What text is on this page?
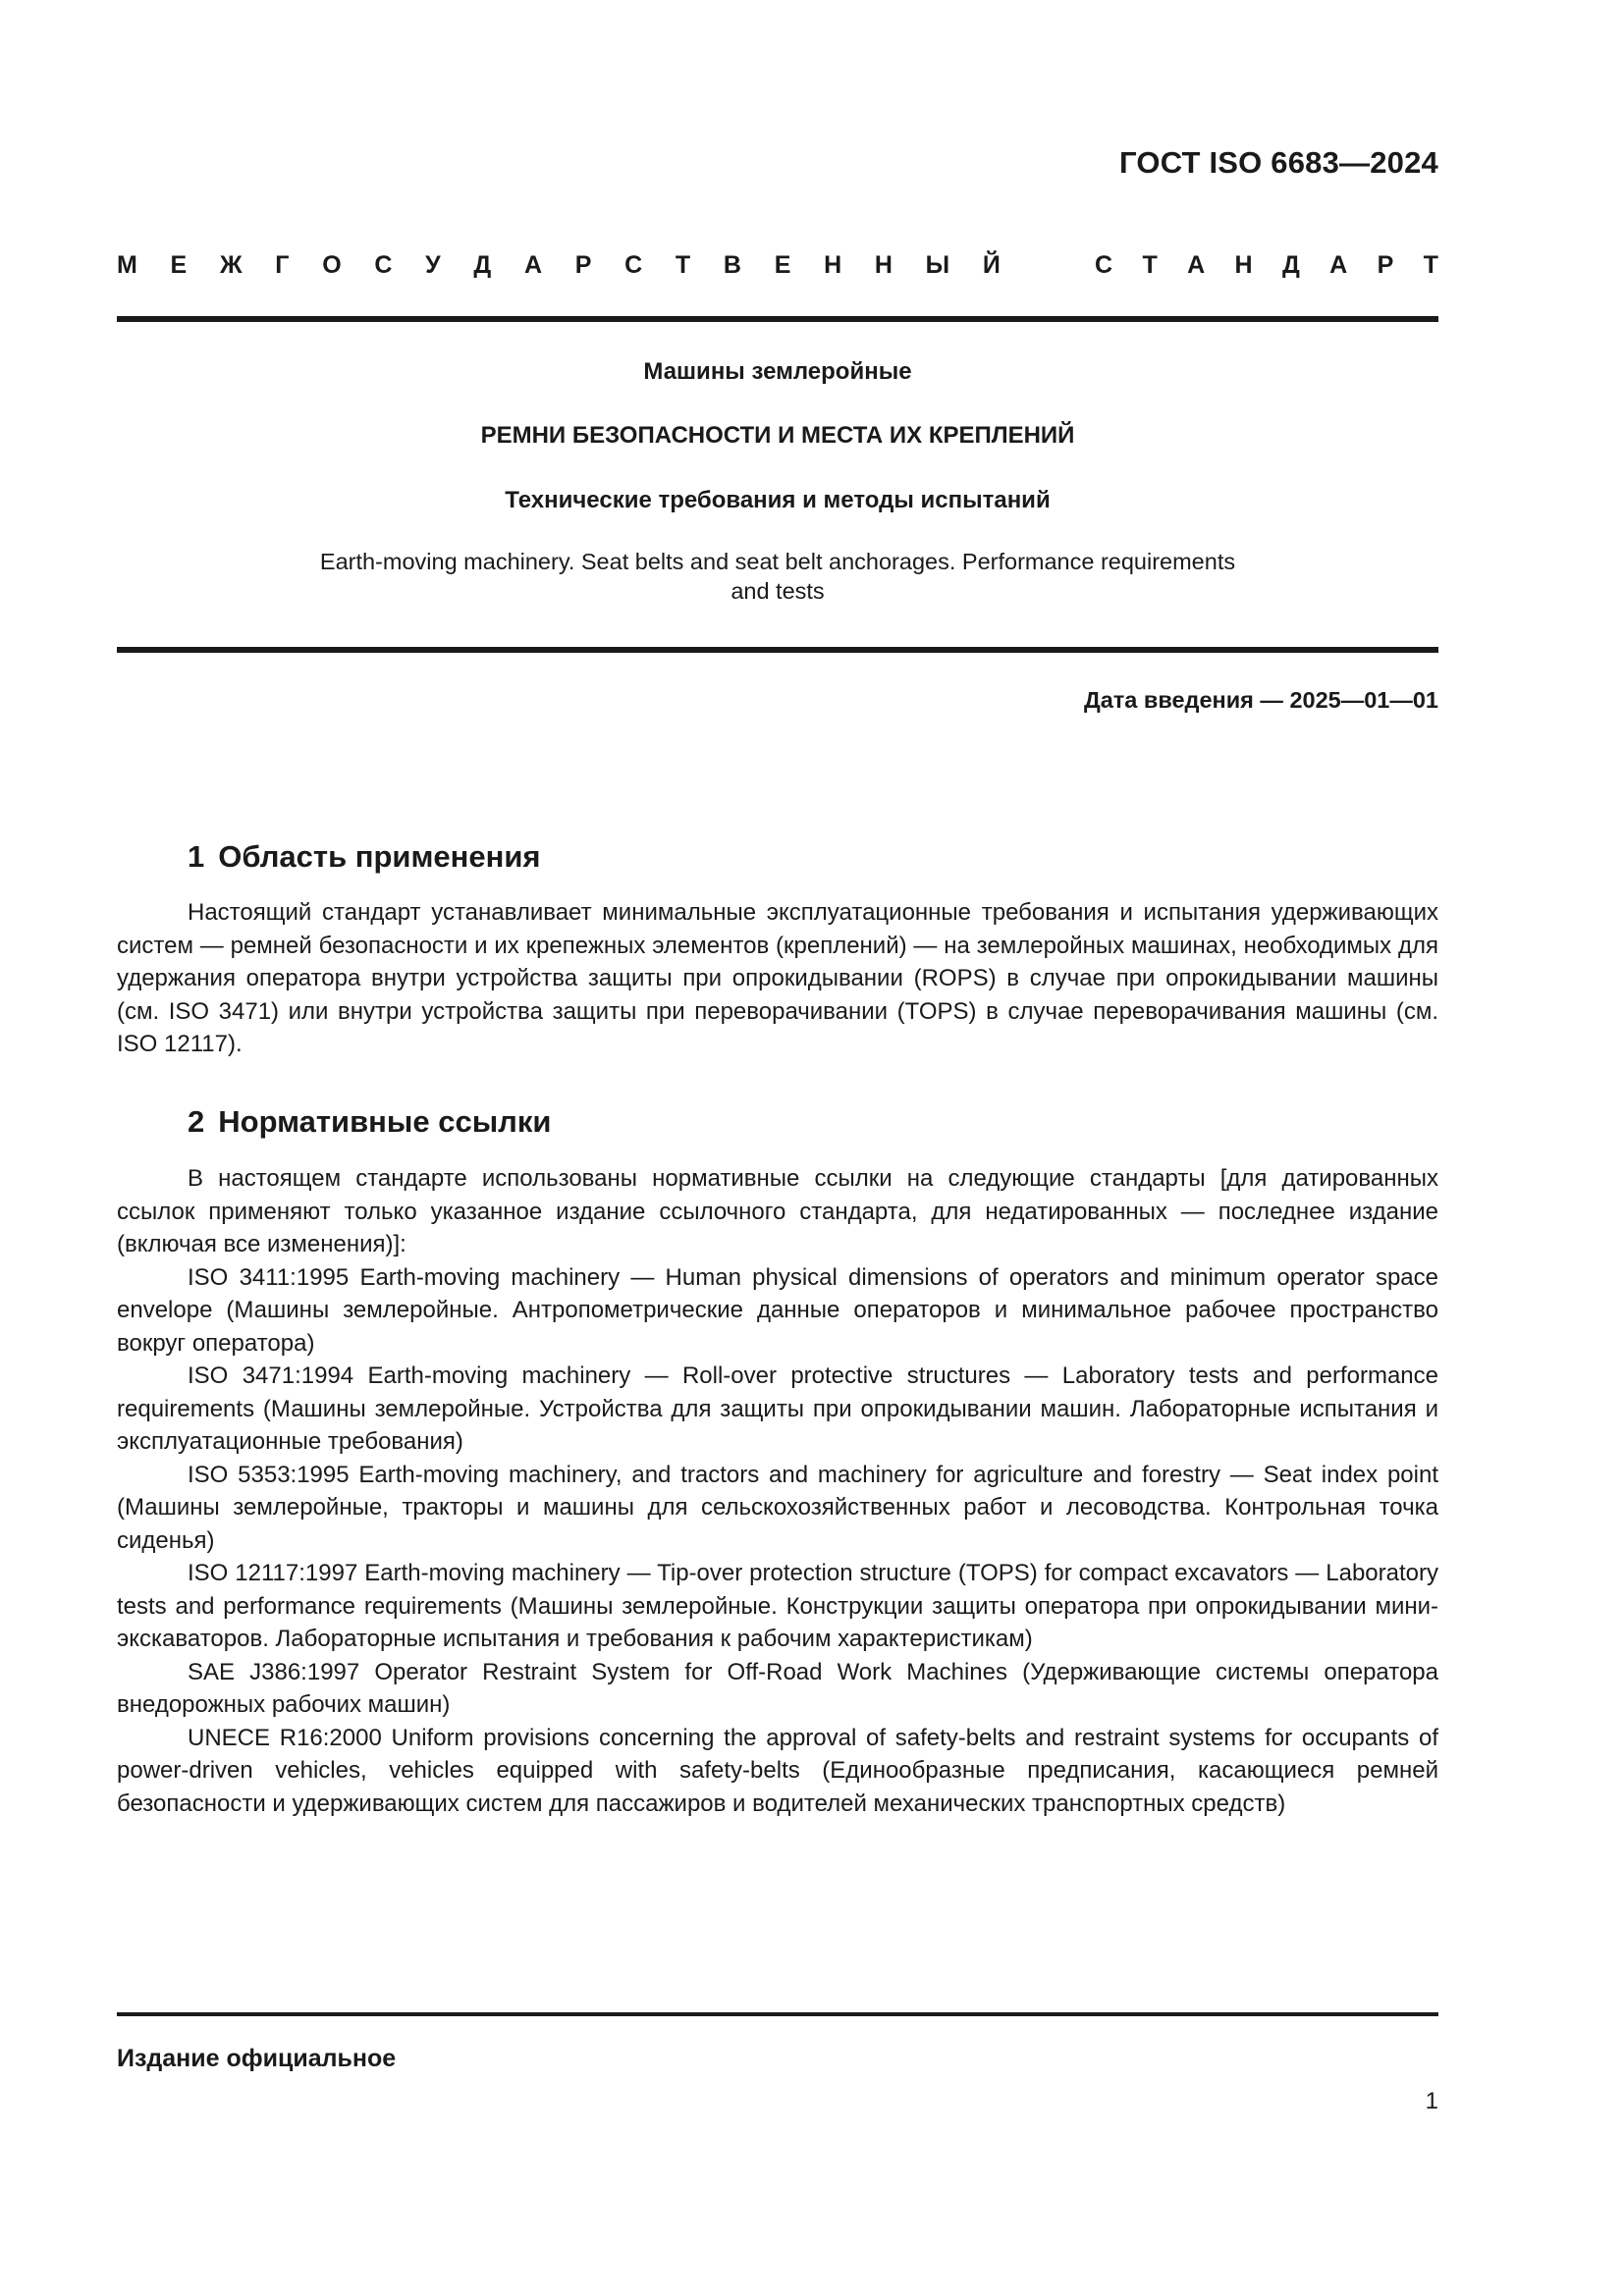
ГОСТ ISO 6683—2024
М Е Ж Г О С У Д А Р С Т В Е Н Н Ы Й	С Т А Н Д А Р Т
Машины землеройные
РЕМНИ БЕЗОПАСНОСТИ И МЕСТА ИХ КРЕПЛЕНИЙ
Технические требования и методы испытаний
Earth-moving machinery. Seat belts and seat belt anchorages. Performance requirements
and tests
Дата введения — 2025—01—01
1 Область применения

Настоящий стандарт устанавливает минимальные эксплуатационные требования и испытания удерживающих систем — ремней безопасности и их крепежных элементов (креплений) — на землеройных машинах, необходимых для удержания оператора внутри устройства защиты при опрокидывании (ROPS) в случае при опрокидывании машины (см. ISO 3471) или внутри устройства защиты при переворачивании (TOPS) в случае переворачивания машины (см. ISO 12117).

2 Нормативные ссылки

В настоящем стандарте использованы нормативные ссылки на следующие стандарты [для датированных ссылок применяют только указанное издание ссылочного стандарта, для недатированных — последнее издание (включая все изменения)]:

ISO 3411:1995 Earth-moving machinery — Human physical dimensions of operators and minimum operator space envelope (Машины землеройные. Антропометрические данные операторов и минимальное рабочее пространство вокруг оператора)

ISO 3471:1994 Earth-moving machinery — Roll-over protective structures — Laboratory tests and performance requirements (Машины землеройные. Устройства для защиты при опрокидывании машин. Лабораторные испытания и эксплуатационные требования)

ISO 5353:1995 Earth-moving machinery, and tractors and machinery for agriculture and forestry — Seat index point (Машины землеройные, тракторы и машины для сельскохозяйственных работ и лесоводства. Контрольная точка сиденья)

ISO 12117:1997 Earth-moving machinery — Tip-over protection structure (TOPS) for compact excavators — Laboratory tests and performance requirements (Машины землеройные. Конструкции защиты оператора при опрокидывании мини-экскаваторов. Лабораторные испытания и требования к рабочим характеристикам)

SAE J386:1997 Operator Restraint System for Off-Road Work Machines (Удерживающие системы оператора внедорожных рабочих машин)

UNECE R16:2000 Uniform provisions concerning the approval of safety-belts and restraint systems for occupants of power-driven vehicles, vehicles equipped with safety-belts (Единообразные предписания, касающиеся ремней безопасности и удерживающих систем для пассажиров и водителей механических транспортных средств)

Издание официальное
1
